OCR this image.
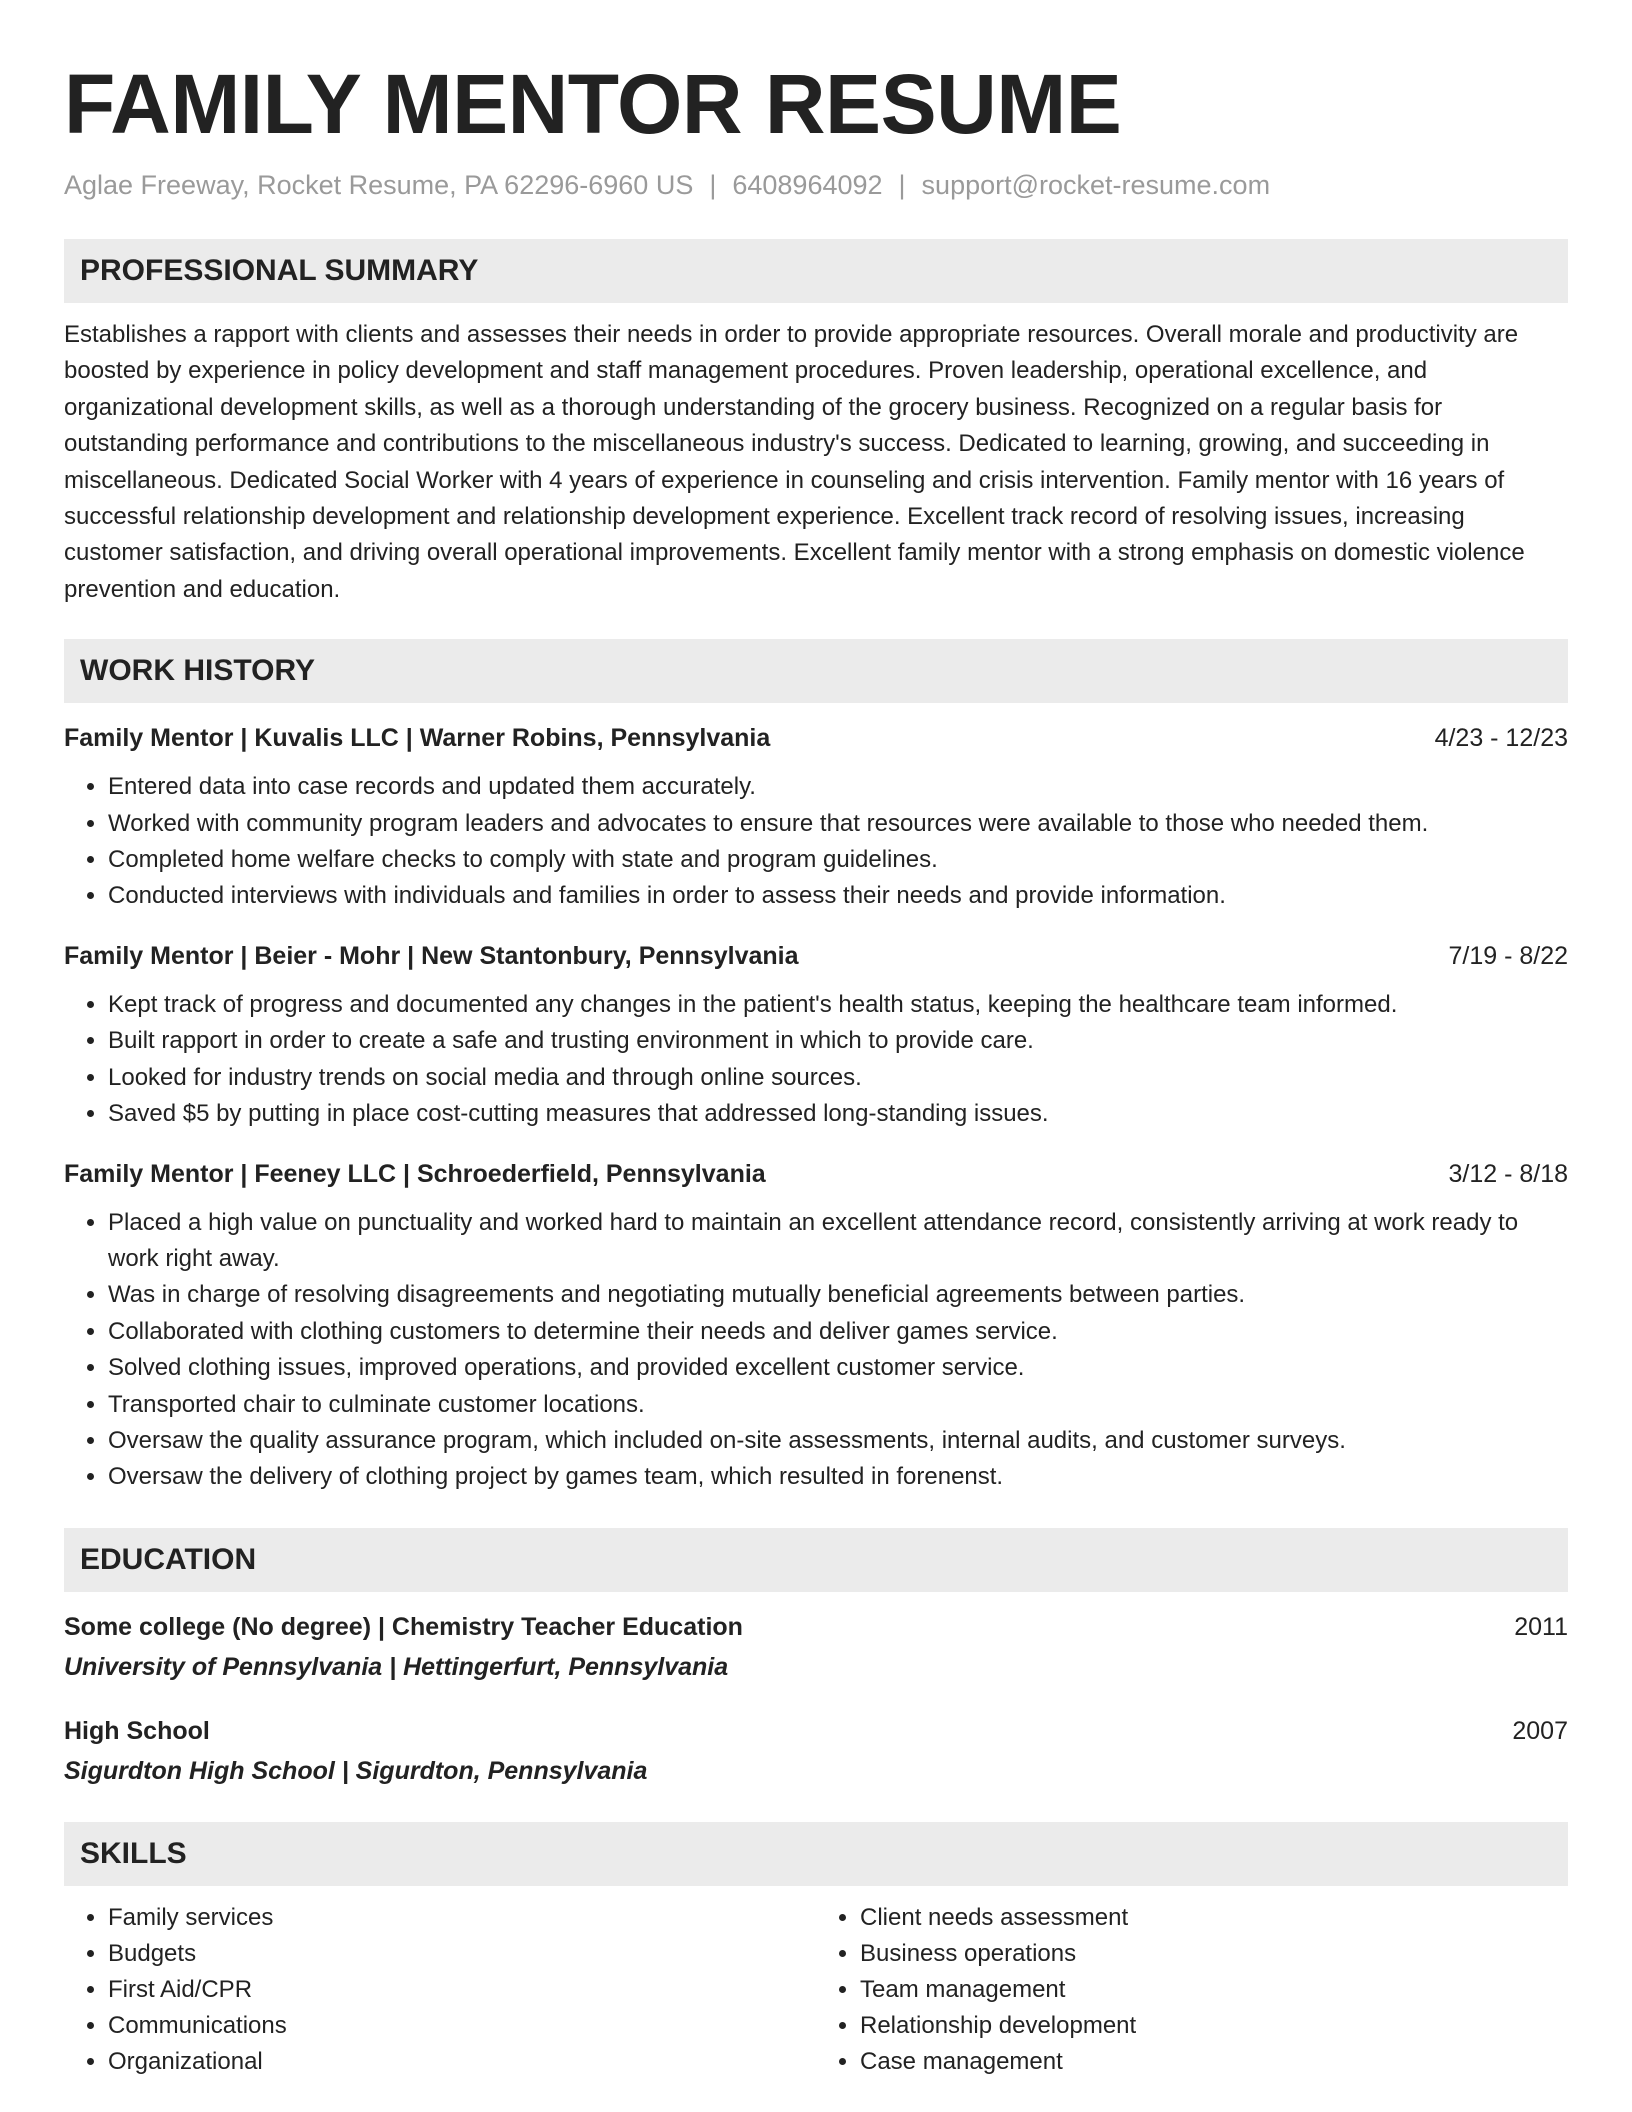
FAMILY MENTOR RESUME
Aglae Freeway, Rocket Resume, PA 62296-6960 US | 6408964092 | support@rocket-resume.com
PROFESSIONAL SUMMARY

Establishes a rapport with clients and assesses their needs in order to provide appropriate resources. Overall morale and productivity are boosted by experience in policy development and staff management procedures. Proven leadership, operational excellence, and organizational development skills, as well as a thorough understanding of the grocery business. Recognized on a regular basis for outstanding performance and contributions to the miscellaneous industry's success. Dedicated to learning, growing, and succeeding in miscellaneous. Dedicated Social Worker with 4 years of experience in counseling and crisis intervention. Family mentor with 16 years of successful relationship development and relationship development experience. Excellent track record of resolving issues, increasing customer satisfaction, and driving overall operational improvements. Excellent family mentor with a strong emphasis on domestic violence prevention and education.

WORK HISTORY
Family Mentor | Kuvalis LLC | Warner Robins, Pennsylvania	4/23 - 12/23
• Entered data into case records and updated them accurately.
• Worked with community program leaders and advocates to ensure that resources were available to those who needed them.
• Completed home welfare checks to comply with state and program guidelines.
• Conducted interviews with individuals and families in order to assess their needs and provide information.
Family Mentor | Beier - Mohr | New Stantonbury, Pennsylvania	7/19 - 8/22
• Kept track of progress and documented any changes in the patient's health status, keeping the healthcare team informed.
• Built rapport in order to create a safe and trusting environment in which to provide care.
• Looked for industry trends on social media and through online sources.
• Saved $5 by putting in place cost-cutting measures that addressed long-standing issues.
Family Mentor | Feeney LLC | Schroederfield, Pennsylvania	3/12 - 8/18
• Placed a high value on punctuality and worked hard to maintain an excellent attendance record, consistently arriving at work ready to work right away.
• Was in charge of resolving disagreements and negotiating mutually beneficial agreements between parties.
• Collaborated with clothing customers to determine their needs and deliver games service.
• Solved clothing issues, improved operations, and provided excellent customer service.
• Transported chair to culminate customer locations.
• Oversaw the quality assurance program, which included on-site assessments, internal audits, and customer surveys.
• Oversaw the delivery of clothing project by games team, which resulted in forenenst.
EDUCATION
Some college (No degree) | Chemistry Teacher Education	2011
University of Pennsylvania | Hettingerfurt, Pennsylvania
High School	2007
Sigurdton High School | Sigurdton, Pennsylvania
SKILLS
• Family services
• Budgets
• First Aid/CPR
• Communications
• Organizational
• Client needs assessment
• Business operations
• Team management
• Relationship development
• Case management
